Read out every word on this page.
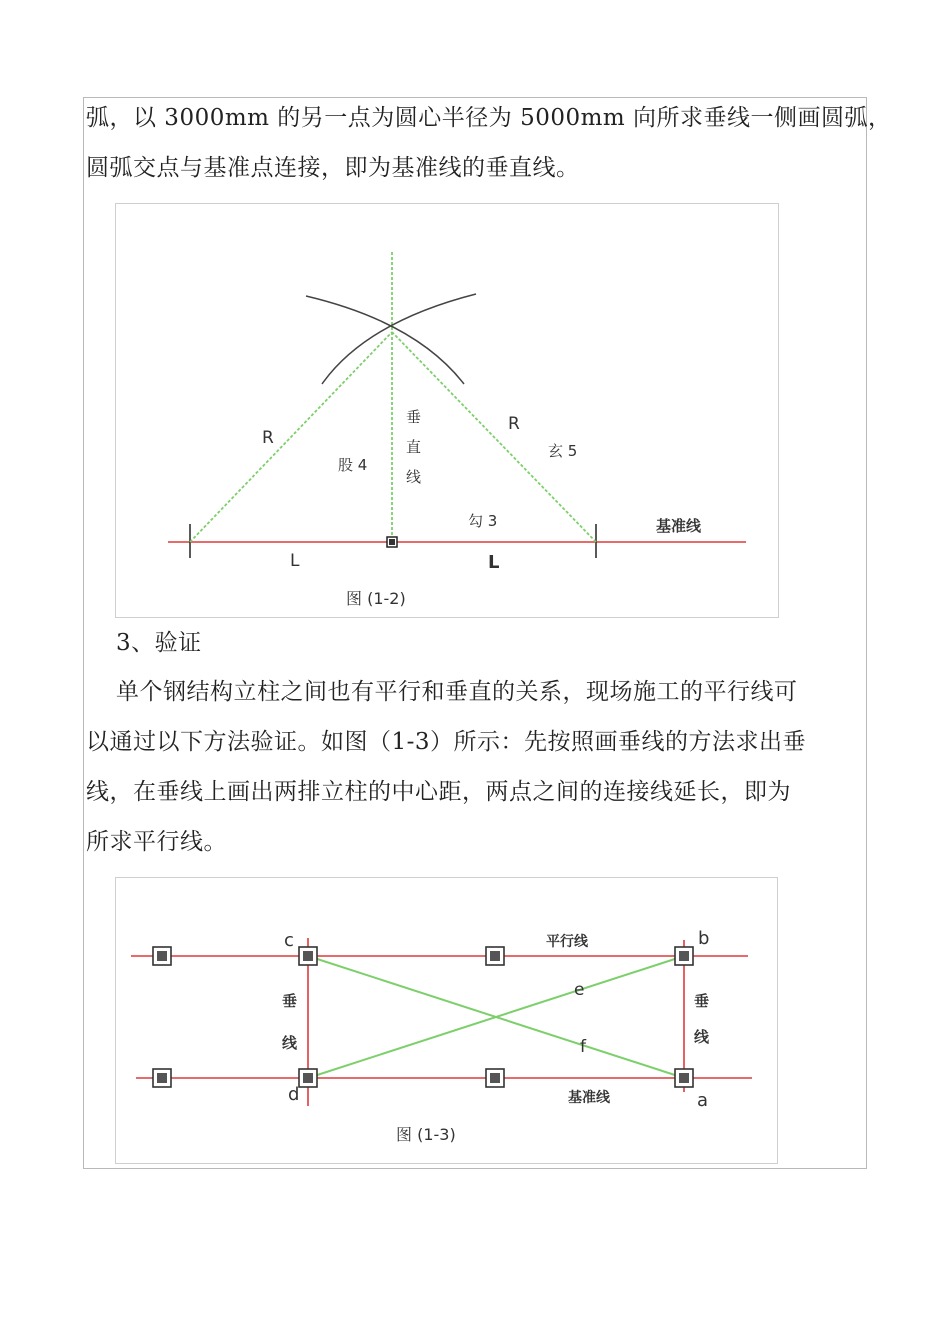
弧，以 3000mm 的另一点为圆心半径为 5000mm 向所求垂线一侧画圆弧，
圆弧交点与基准点连接，即为基准线的垂直线。
R
R
垂
直
线
股 4
玄 5
勾 3	基准线
L	L
图 (1-2)
3、验证
单个钢结构立柱之间也有平行和垂直的关系，现场施工的平行线可
以通过以下方法验证。如图（1-3）所示：先按照画垂线的方法求出垂
线，在垂线上画出两排立柱的中心距，两点之间的连接线延长，即为
所求平行线。
c	b
d	a
e
f
平行线
基准线
垂
线
垂
线
图 (1-3)
